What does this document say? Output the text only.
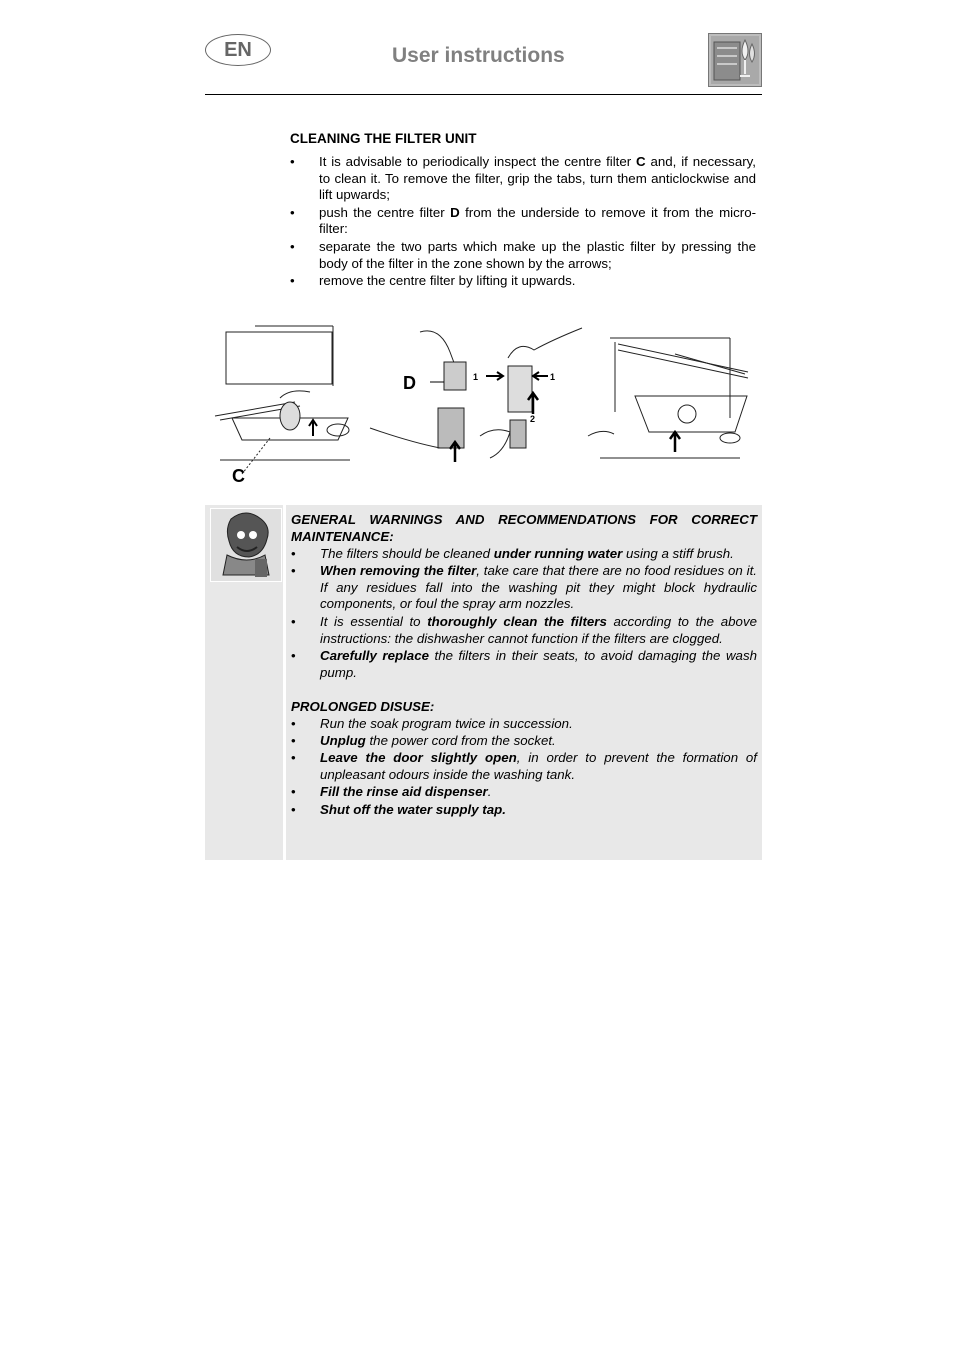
EN	User instructions
CLEANING THE FILTER UNIT
• It is advisable to periodically inspect the centre filter C and, if necessary, to clean it. To remove the filter, grip the tabs, turn them anticlockwise and lift upwards;
• push the centre filter D from the underside to remove it from the micro-filter:
• separate the two parts which make up the plastic filter by pressing the body of the filter in the zone shown by the arrows;
• remove the centre filter by lifting it upwards.
C
D	1	1
2
2
GENERAL WARNINGS AND RECOMMENDATIONS FOR CORRECT MAINTENANCE:
• The filters should be cleaned under running water using a stiff brush.
• When removing the filter, take care that there are no food residues on it. If any residues fall into the washing pit they might block hydraulic components, or foul the spray arm nozzles.
• It is essential to thoroughly clean the filters according to the above instructions: the dishwasher cannot function if the filters are clogged.
• Carefully replace the filters in their seats, to avoid damaging the wash pump.
PROLONGED DISUSE:
• Run the soak program twice in succession.
• Unplug the power cord from the socket.
• Leave the door slightly open, in order to prevent the formation of unpleasant odours inside the washing tank.
• Fill the rinse aid dispenser.
• Shut off the water supply tap.
